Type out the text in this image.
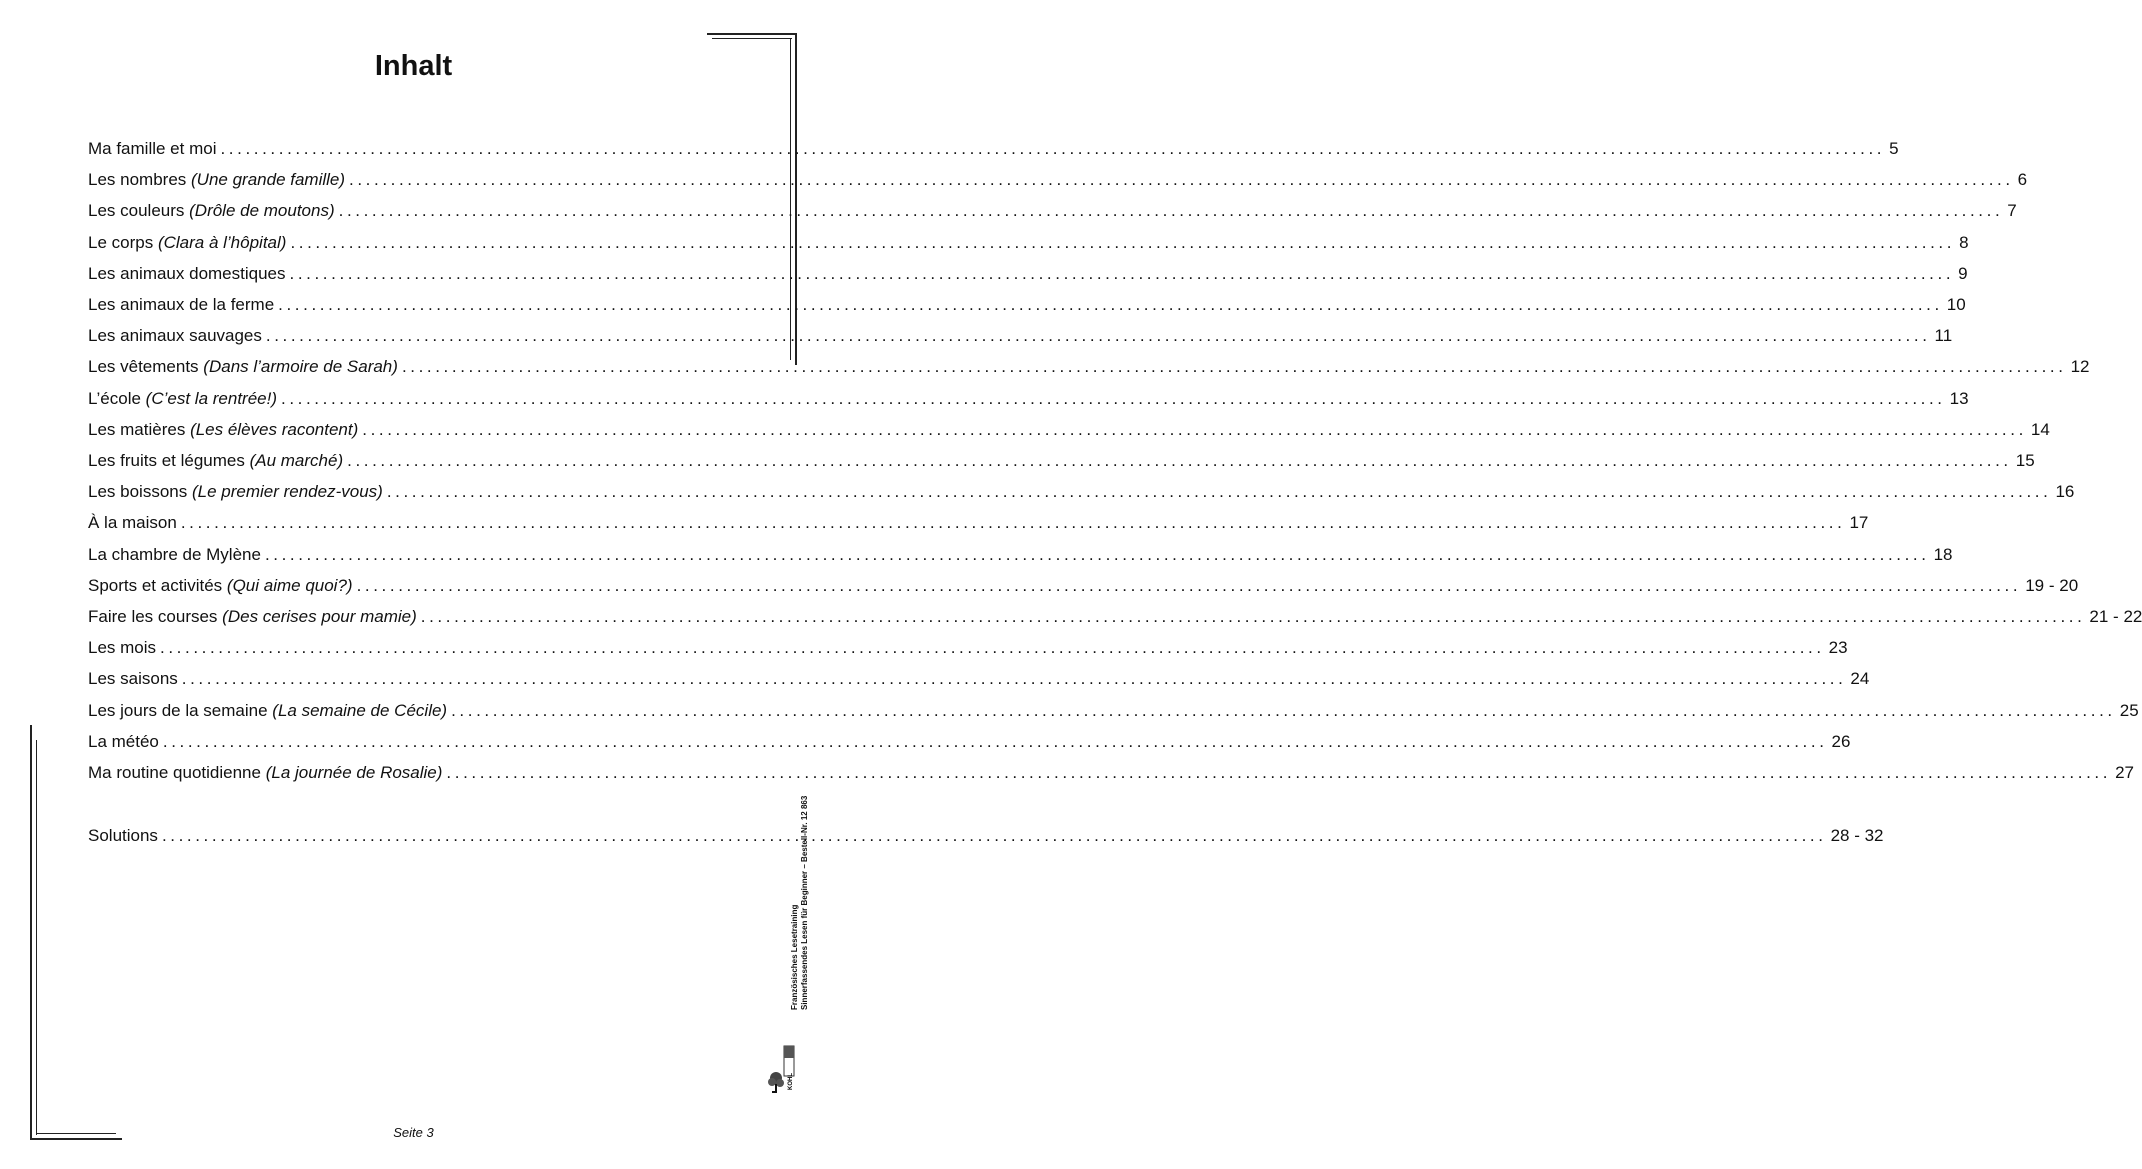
Inhalt
Ma famille et moi ........................................................................................................................................................................................................ 5
Les nombres
(Une grande famille) ........................................................................................................................................................................................................ 6
Les couleurs
(Drôle de moutons) ........................................................................................................................................................................................................ 7
Le corps
(Clara à l’hôpital) ........................................................................................................................................................................................................ 8
Les animaux domestiques ........................................................................................................................................................................................................ 9
Les animaux de la ferme ........................................................................................................................................................................................................ 10
Les animaux sauvages ........................................................................................................................................................................................................ 11
Les vêtements
(Dans l’armoire de Sarah) ........................................................................................................................................................................................................ 12
L’école
(C’est la rentrée!) ........................................................................................................................................................................................................ 13
Les matières
(Les élèves racontent) ........................................................................................................................................................................................................ 14
Les fruits et légumes
(Au marché) ........................................................................................................................................................................................................ 15
Les boissons
(Le premier rendez-vous) ........................................................................................................................................................................................................ 16
À la maison ........................................................................................................................................................................................................ 17
La chambre de Mylène ........................................................................................................................................................................................................ 18
Sports et activités
(Qui aime quoi?) ........................................................................................................................................................................................................ 19 - 20
Faire les courses
(Des cerises pour mamie) ........................................................................................................................................................................................................ 21 - 22
Les mois ........................................................................................................................................................................................................ 23
Les saisons ........................................................................................................................................................................................................ 24
Les jours de la semaine
(La semaine de Cécile) ........................................................................................................................................................................................................ 25
La météo ........................................................................................................................................................................................................ 26
Ma routine quotidienne
(La journée de Rosalie) ........................................................................................................................................................................................................ 27
Solutions ........................................................................................................................................................................................................ 28 - 32
Seite 3
Französisches Lesetraining Sinnerfassendes Lesen für Beginner – Bestell-Nr. 12 863
KOHL
